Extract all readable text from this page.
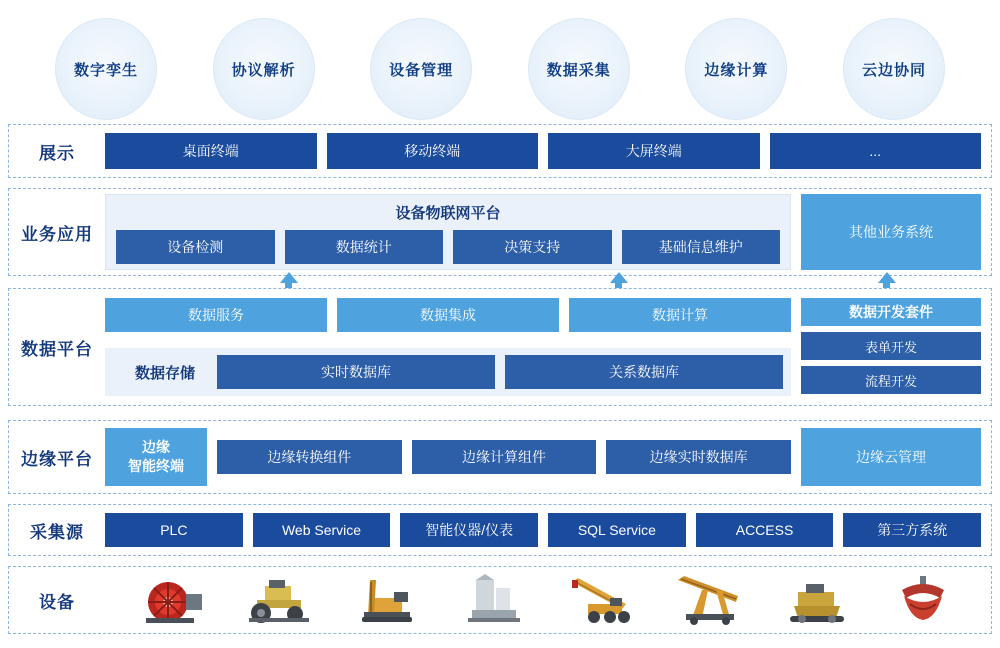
数字孪生	协议解析	设备管理	数据采集	边缘计算	云边协同
展示	桌面终端	移动终端	大屏终端	...
业务应用
设备物联网平台
设备检测	数据统计	决策支持	基础信息维护
其他业务系统
数据平台
数据服务	数据集成	数据计算
数据存储	实时数据库	关系数据库
数据开发套件
表单开发
流程开发
边缘平台
边缘
智能终端
边缘转换组件	边缘计算组件	边缘实时数据库	边缘云管理
采集源	PLC	Web Service	智能仪器/仪表	SQL Service	ACCESS	第三方系统
设备
